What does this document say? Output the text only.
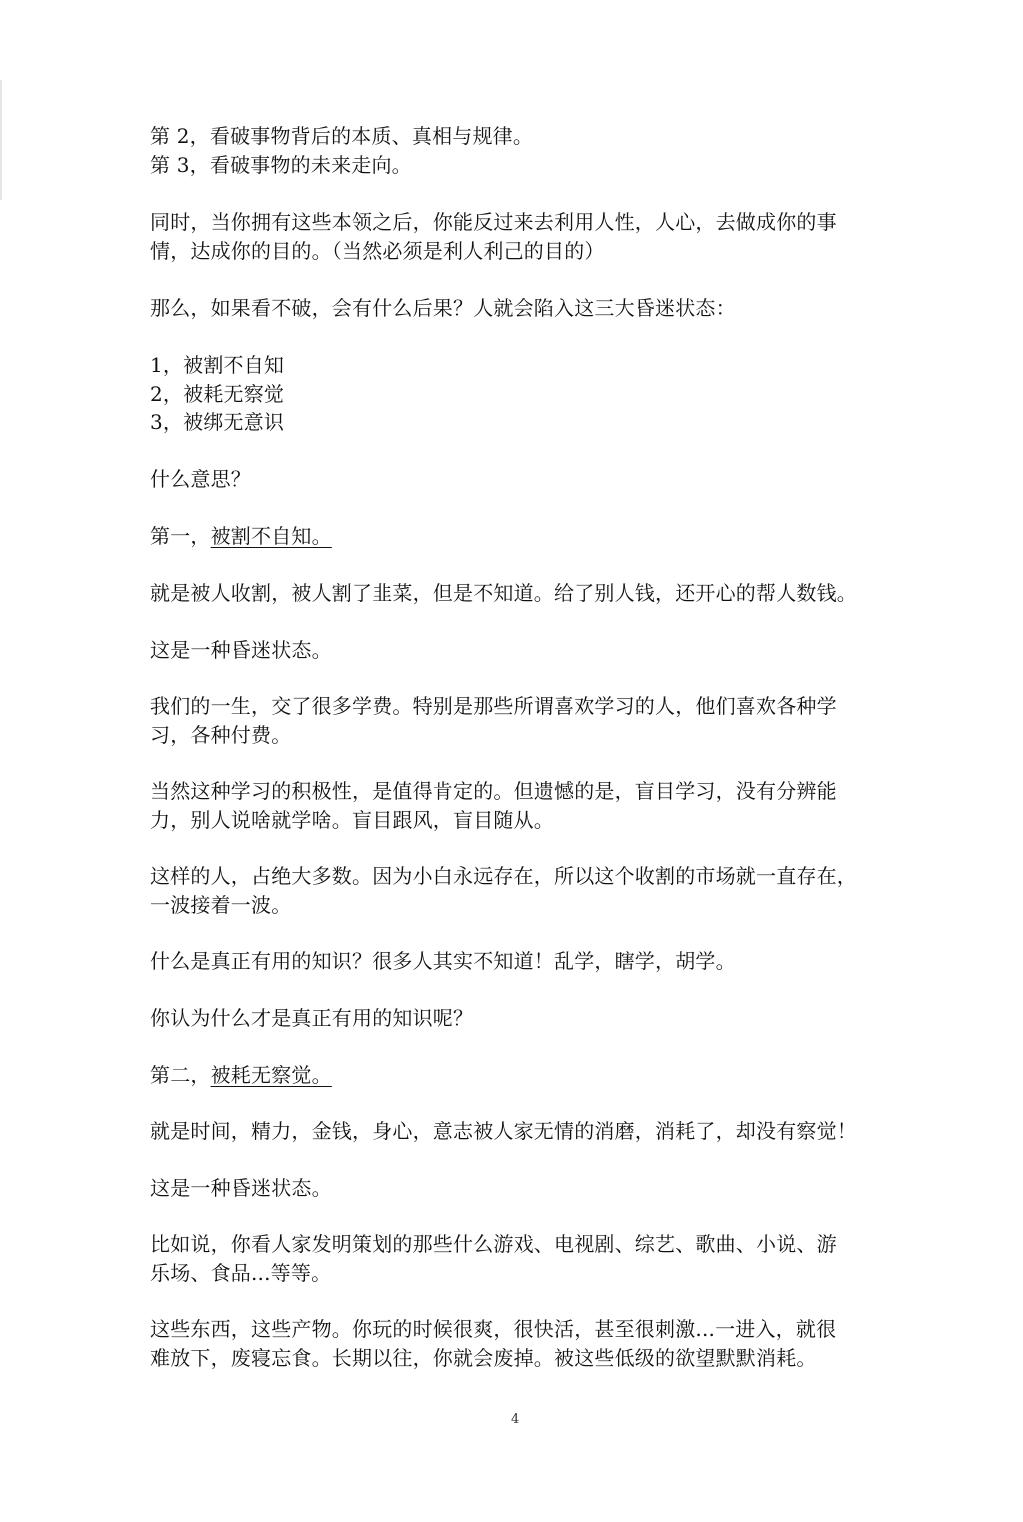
第 2，看破事物背后的本质、真相与规律。
第 3，看破事物的未来走向。
同时，当你拥有这些本领之后，你能反过来去利用人性，人心，去做成你的事
情，达成你的目的。（当然必须是利人利己的目的）
那么，如果看不破，会有什么后果？人就会陷入这三大昏迷状态：
1，被割不自知
2，被耗无察觉
3，被绑无意识
什么意思？
第一，被割不自知。
就是被人收割，被人割了韭菜，但是不知道。给了别人钱，还开心的帮人数钱。
这是一种昏迷状态。
我们的一生，交了很多学费。特别是那些所谓喜欢学习的人，他们喜欢各种学
习，各种付费。
当然这种学习的积极性，是值得肯定的。但遗憾的是，盲目学习，没有分辨能
力，别人说啥就学啥。盲目跟风，盲目随从。
这样的人，占绝大多数。因为小白永远存在，所以这个收割的市场就一直存在，
一波接着一波。
什么是真正有用的知识？很多人其实不知道！乱学，瞎学，胡学。
你认为什么才是真正有用的知识呢？
第二，被耗无察觉。
就是时间，精力，金钱，身心，意志被人家无情的消磨，消耗了，却没有察觉！
这是一种昏迷状态。
比如说，你看人家发明策划的那些什么游戏、电视剧、综艺、歌曲、小说、游
乐场、食品...等等。
这些东西，这些产物。你玩的时候很爽，很快活，甚至很刺激...一进入，就很
难放下，废寝忘食。长期以往，你就会废掉。被这些低级的欲望默默消耗。
4
